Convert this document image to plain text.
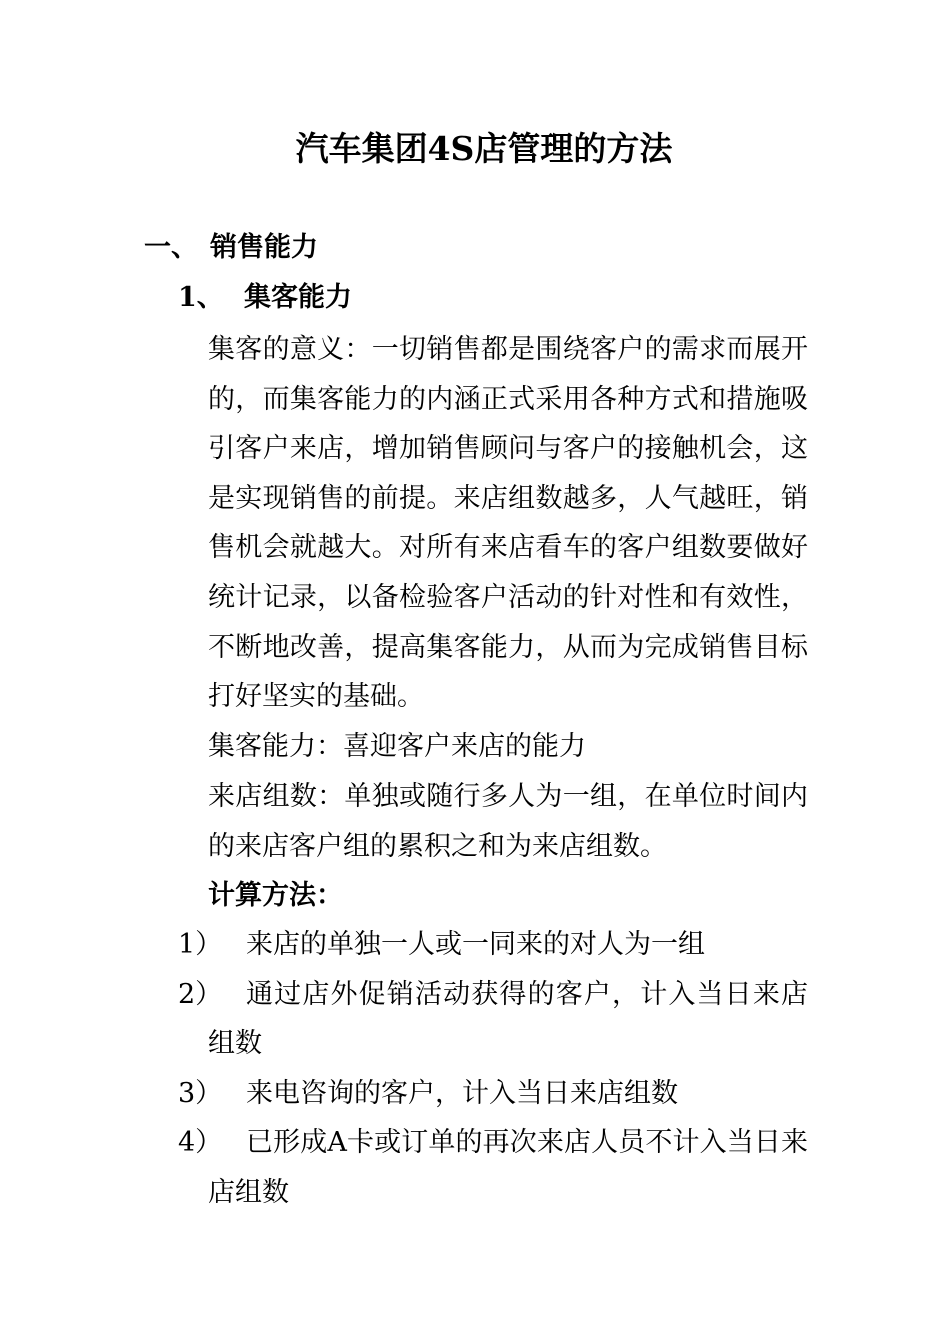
汽车集团4S店管理的方法
一、 销售能力
1、 集客能力
集客的意义：一切销售都是围绕客户的需求而展开的，而集客能力的内涵正式采用各种方式和措施吸引客户来店，增加销售顾问与客户的接触机会，这是实现销售的前提。来店组数越多，人气越旺，销售机会就越大。对所有来店看车的客户组数要做好统计记录，以备检验客户活动的针对性和有效性，不断地改善，提高集客能力，从而为完成销售目标打好坚实的基础。
集客能力：喜迎客户来店的能力
来店组数：单独或随行多人为一组，在单位时间内的来店客户组的累积之和为来店组数。
计算方法：
1） 来店的单独一人或一同来的对人为一组
2） 通过店外促销活动获得的客户，计入当日来店组数
3） 来电咨询的客户，计入当日来店组数
4） 已形成A卡或订单的再次来店人员不计入当日来店组数
